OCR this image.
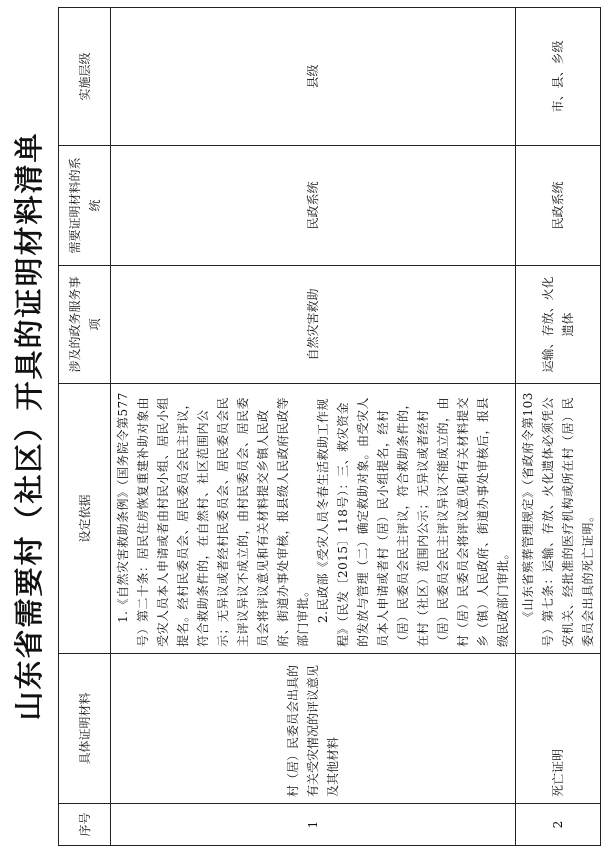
山东省需要村（社区）开具的证明材料清单
序号	具体证明材料	设定依据	涉及的政务服务事项	需要证明材料的系统	实施层级
1	村（居）民委员会出具的有关受灾情况的评议意见及其他材料	1.《自然灾害救助条例》（国务院令第577号）第二十条：居民住房恢复重建补助对象由受灾人员本人申请或者由村民小组、居民小组提名。经村民委员会、居民委员会民主评议，符合救助条件的，在自然村、社区范围内公示；无异议或者经村民委员会、居民委员会民主评议异议不成立的，由村民委员会、居民委员会将评议意见和有关材料提交乡镇人民政府、街道办事处审核，报县级人民政府民政等部门审批。 2.民政部《受灾人员冬春生活救助工作规程》（民发〔2015〕118号）：三、救灾资金的发放与管理（二）确定救助对象。由受灾人员本人申请或者村（居）民小组提名，经村（居）民委员会民主评议，符合救助条件的，在村（社区）范围内公示；无异议或者经村（居）民委员会民主评议异议不能成立的，由村（居）民委员会将评议意见和有关材料提交乡（镇）人民政府、街道办事处审核后，报县级民政部门审批。	自然灾害救助	民政系统	县级
2	死亡证明	《山东省殡葬管理规定》（省政府令第103号）第七条：运输、存放、火化遗体必须凭公安机关、经批准的医疗机构或所在村（居）民委员会出具的死亡证明。	运输、存放、火化遗体	民政系统	市、县、乡级
